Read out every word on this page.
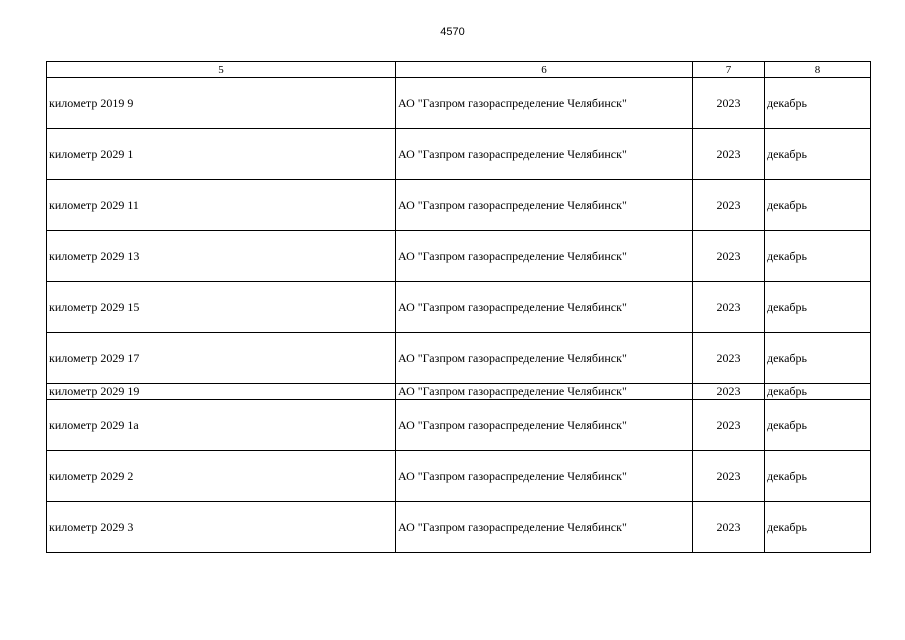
4570
5	6	7	8
километр 2019 9	АО "Газпром газораспределение Челябинск"	2023	декабрь
километр 2029 1	АО "Газпром газораспределение Челябинск"	2023	декабрь
километр 2029 11	АО "Газпром газораспределение Челябинск"	2023	декабрь
километр 2029 13	АО "Газпром газораспределение Челябинск"	2023	декабрь
километр 2029 15	АО "Газпром газораспределение Челябинск"	2023	декабрь
километр 2029 17	АО "Газпром газораспределение Челябинск"	2023	декабрь
километр 2029 19	АО "Газпром газораспределение Челябинск"	2023	декабрь
километр 2029 1а	АО "Газпром газораспределение Челябинск"	2023	декабрь
километр 2029 2	АО "Газпром газораспределение Челябинск"	2023	декабрь
километр 2029 3	АО "Газпром газораспределение Челябинск"	2023	декабрь
